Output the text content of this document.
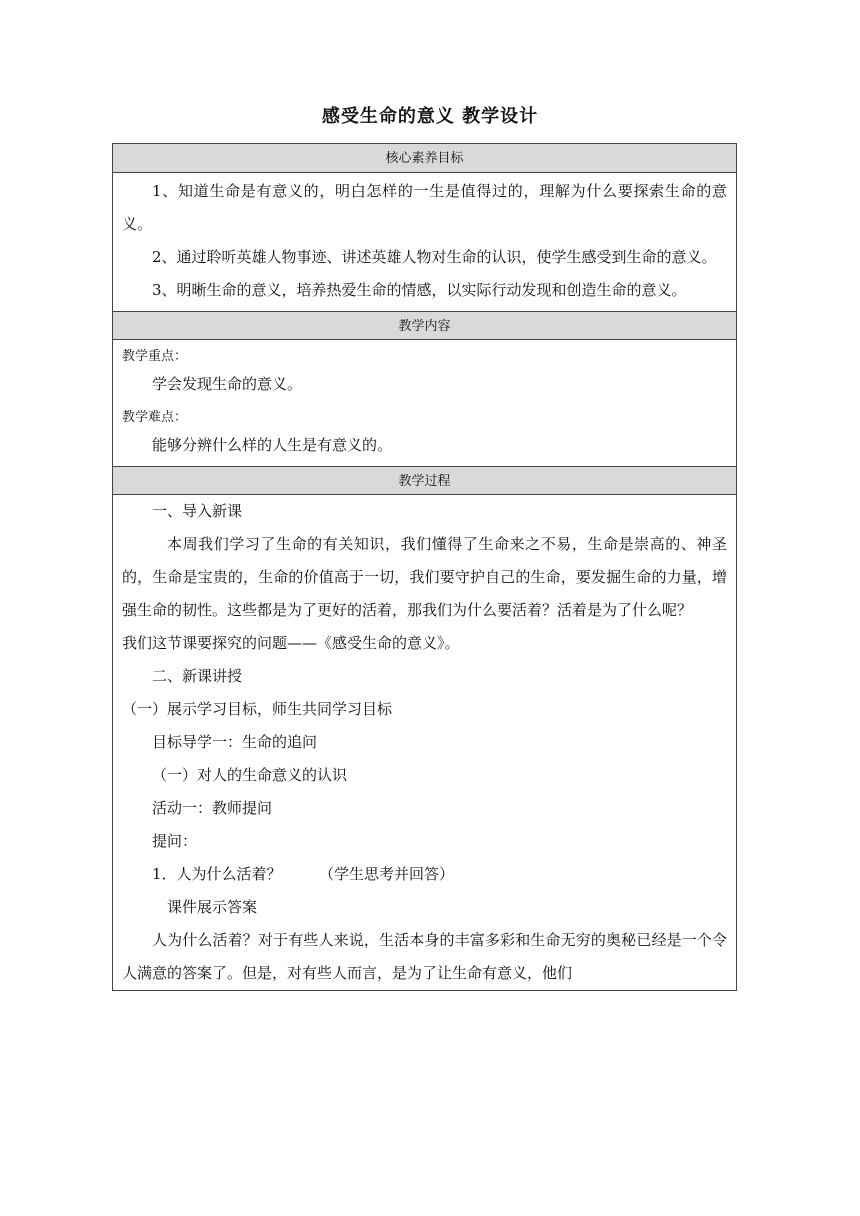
感受生命的意义 教学设计
核心素养目标

1、知道生命是有意义的，明白怎样的一生是值得过的，理解为什么要探索生命的意义。

2、通过聆听英雄人物事迹、讲述英雄人物对生命的认识，使学生感受到生命的意义。

3、明晰生命的意义，培养热爱生命的情感，以实际行动发现和创造生命的意义。

教学内容

教学重点：

学会发现生命的意义。

教学难点：

能够分辨什么样的人生是有意义的。

教学过程

一、导入新课

本周我们学习了生命的有关知识，我们懂得了生命来之不易，生命是崇高的、神圣的，生命是宝贵的，生命的价值高于一切，我们要守护自己的生命，要发掘生命的力量，增强生命的韧性。这些都是为了更好的活着，那我们为什么要活着？活着是为了什么呢？

我们这节课要探究的问题——《感受生命的意义》。

二、新课讲授

（一）展示学习目标，师生共同学习目标

目标导学一：生命的追问

（一）对人的生命意义的认识

活动一：教师提问

提问：

1．人为什么活着？　　　（学生思考并回答）

课件展示答案

人为什么活着？对于有些人来说，生活本身的丰富多彩和生命无穷的奥秘已经是一个令人满意的答案了。但是，对有些人而言，是为了让生命有意义，他们
